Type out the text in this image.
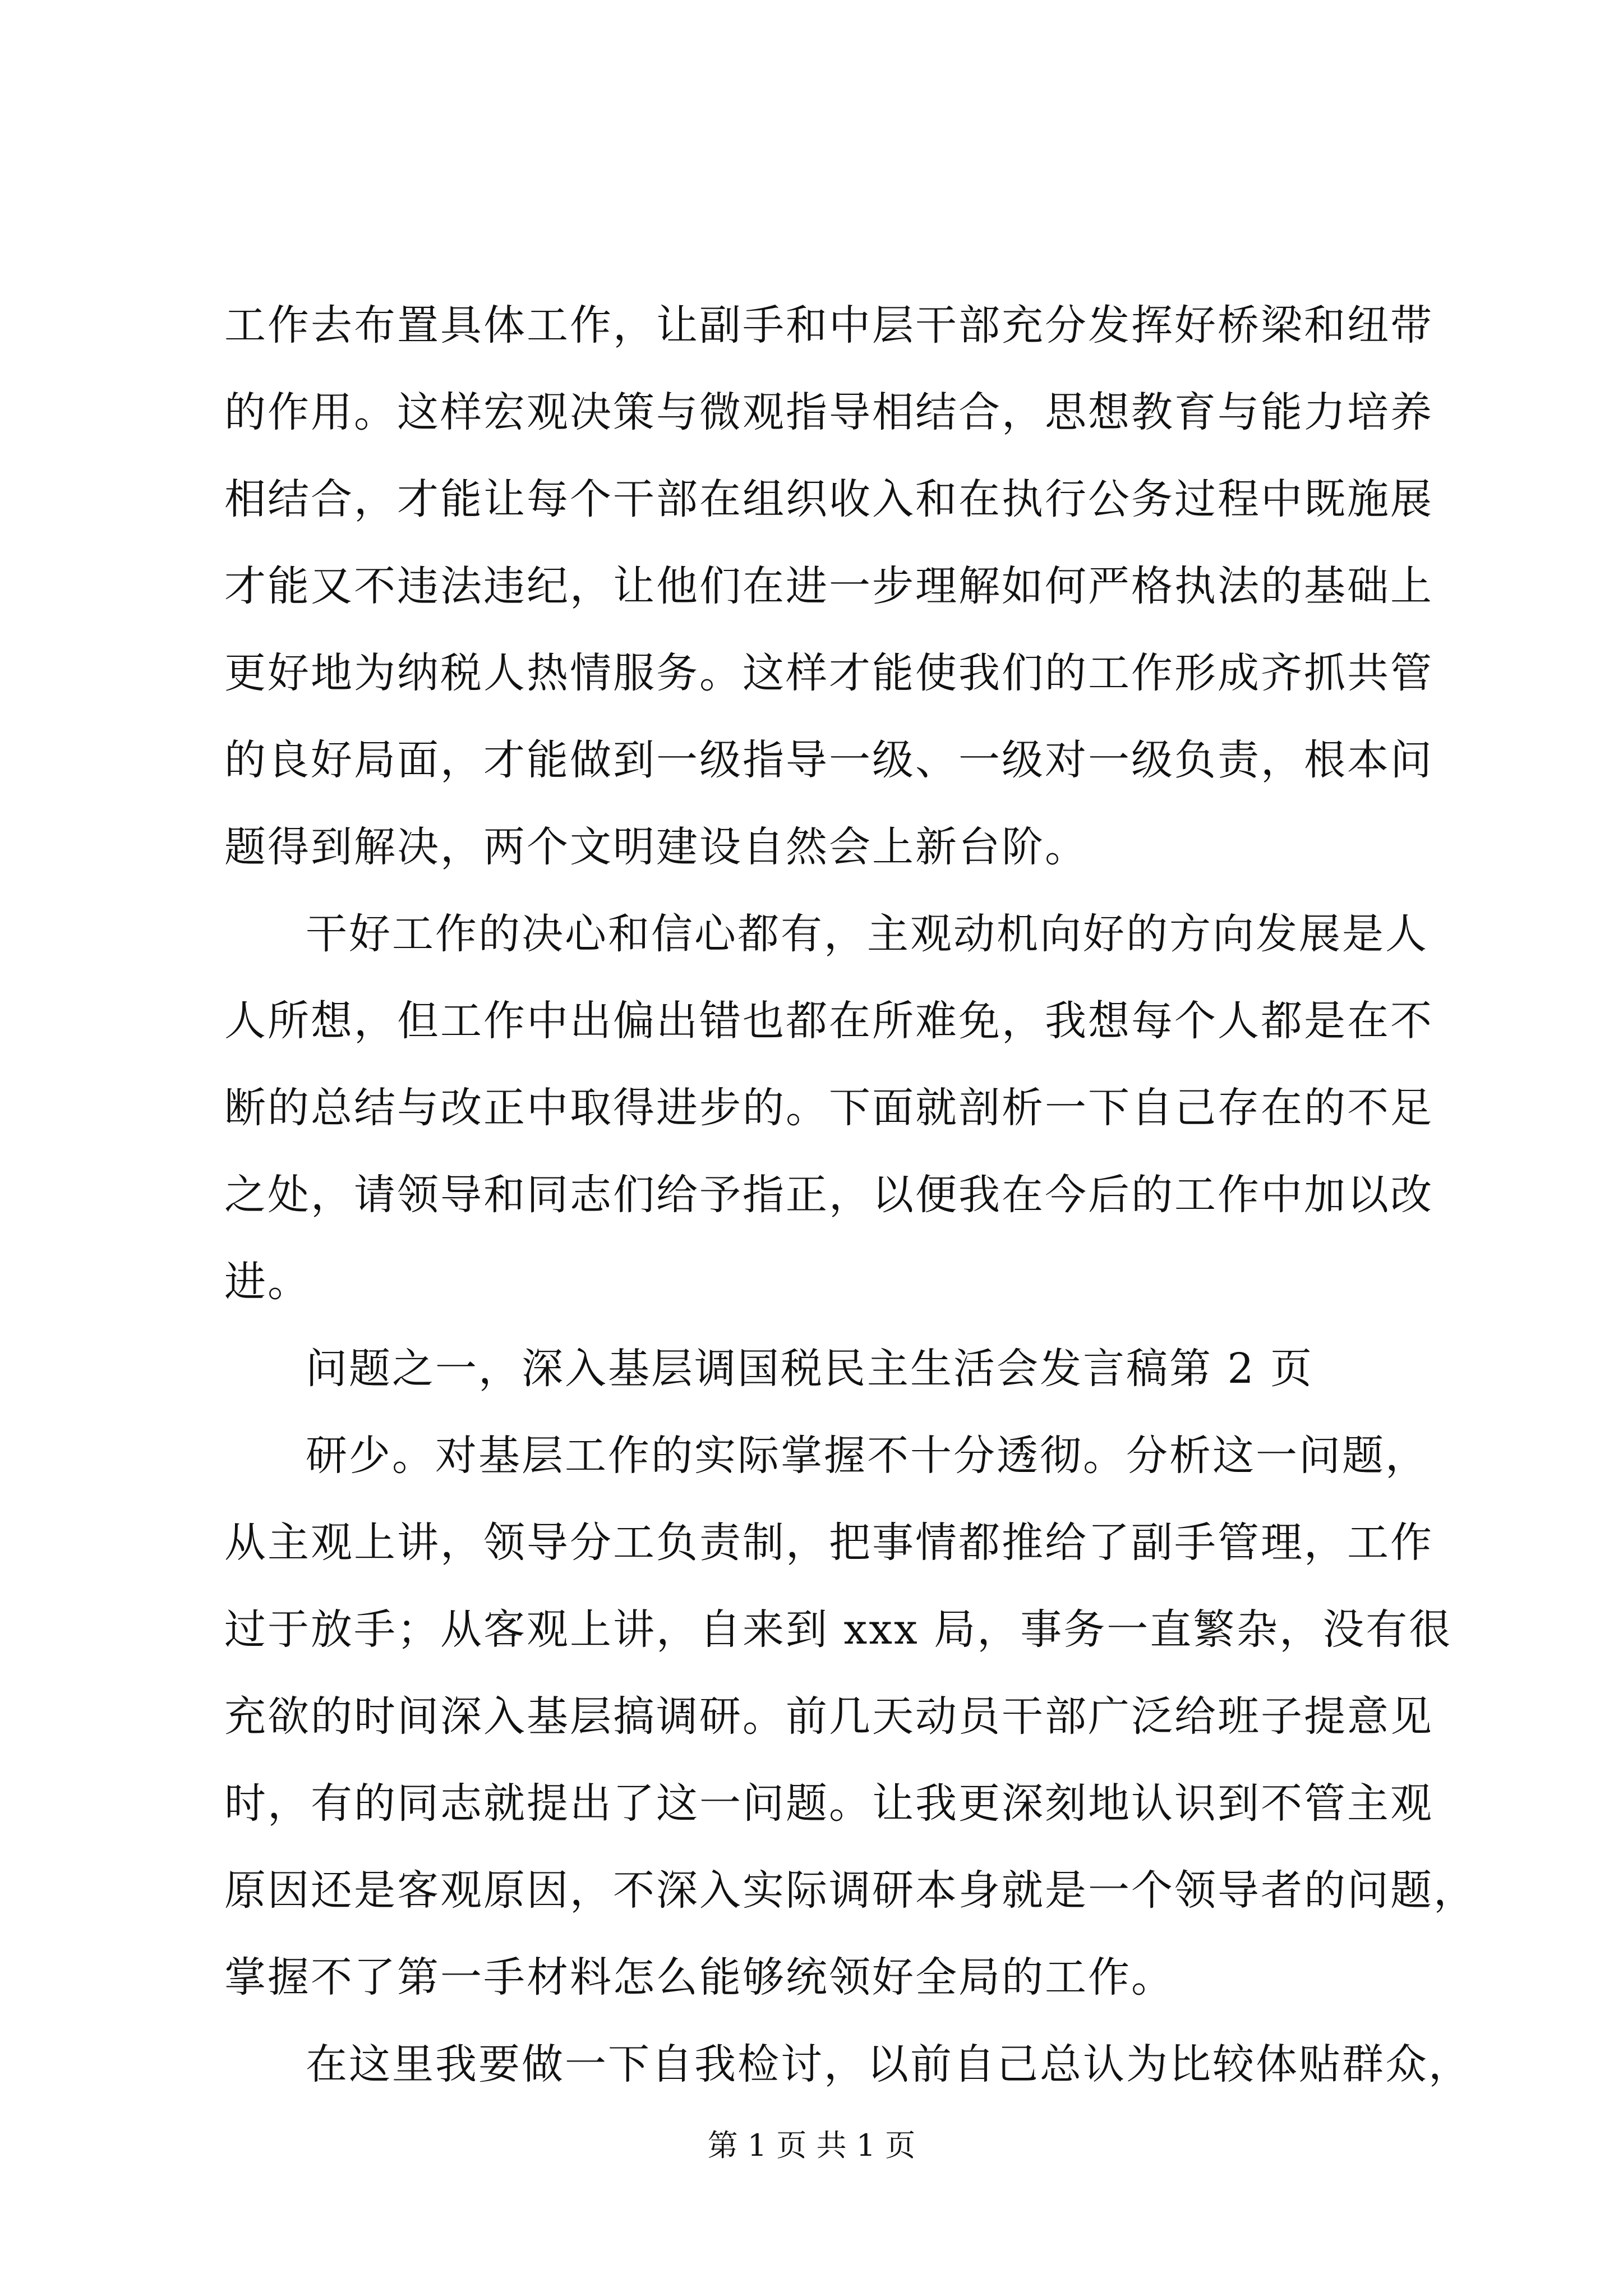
工作去布置具体工作，让副手和中层干部充分发挥好桥梁和纽带
的作用。这样宏观决策与微观指导相结合，思想教育与能力培养
相结合，才能让每个干部在组织收入和在执行公务过程中既施展
才能又不违法违纪，让他们在进一步理解如何严格执法的基础上
更好地为纳税人热情服务。这样才能使我们的工作形成齐抓共管
的良好局面，才能做到一级指导一级、一级对一级负责，根本问
题得到解决，两个文明建设自然会上新台阶。
干好工作的决心和信心都有，主观动机向好的方向发展是人
人所想，但工作中出偏出错也都在所难免，我想每个人都是在不
断的总结与改正中取得进步的。下面就剖析一下自己存在的不足
之处，请领导和同志们给予指正，以便我在今后的工作中加以改
进。
问题之一，深入基层调国税民主生活会发言稿第 2 页
研少。对基层工作的实际掌握不十分透彻。分析这一问题，
从主观上讲，领导分工负责制，把事情都推给了副手管理，工作
过于放手；从客观上讲，自来到 xxx 局，事务一直繁杂，没有很
充欲的时间深入基层搞调研。前几天动员干部广泛给班子提意见
时，有的同志就提出了这一问题。让我更深刻地认识到不管主观
原因还是客观原因，不深入实际调研本身就是一个领导者的问题，
掌握不了第一手材料怎么能够统领好全局的工作。
在这里我要做一下自我检讨，以前自己总认为比较体贴群众，
第 1 页 共 1 页
